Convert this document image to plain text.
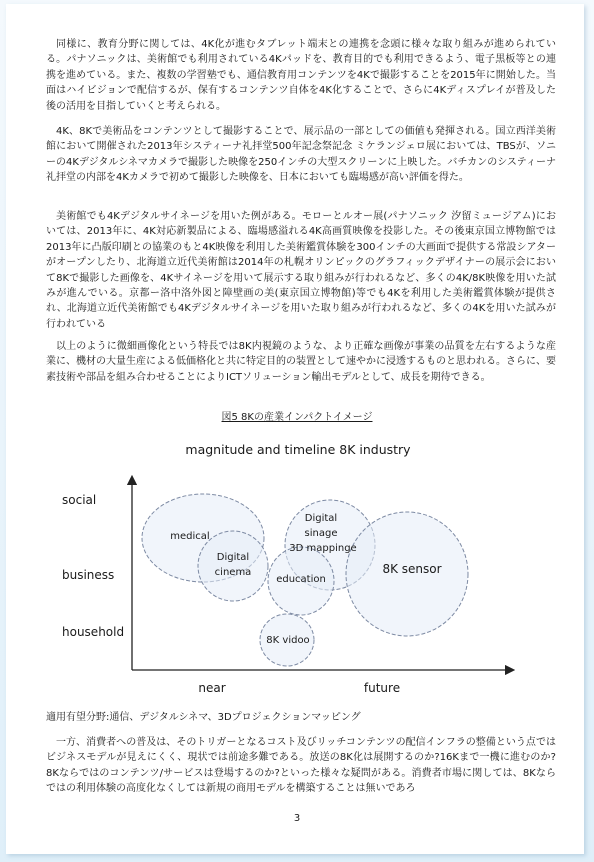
同様に、教育分野に関しては、4K化が進むタブレット端末との連携を念頭に様々な取り組みが進められている。パナソニックは、美術館でも利用されている4Kパッドを、教育目的でも利用できるよう、電子黒板等との連携を進めている。また、複数の学習塾でも、通信教育用コンテンツを4Kで撮影することを2015年に開始した。当面はハイビジョンで配信するが、保有するコンテンツ自体を4K化することで、さらに4Kディスプレイが普及した後の活用を目指していくと考えられる。

4K、8Kで美術品をコンテンツとして撮影することで、展示品の一部としての価値も発揮される。国立西洋美術館において開催された2013年システィーナ礼拝堂500年記念祭記念 ミケランジェロ展においては、TBSが、ソニーの4Kデジタルシネマカメラで撮影した映像を250インチの大型スクリーンに上映した。バチカンのシスティーナ礼拝堂の内部を4Kカメラで初めて撮影した映像を、日本においても臨場感が高い評価を得た。

美術館でも4Kデジタルサイネージを用いた例がある。モローとルオー展(パナソニック 汐留ミュージアム)においては、2013年に、4K対応新製品による、臨場感溢れる4K高画質映像を投影した。その後東京国立博物館では2013年に凸版印刷との協業のもと4K映像を利用した美術鑑賞体験を300インチの大画面で提供する常設シアターがオープンしたり、北海道立近代美術館は2014年の札幌オリンピックのグラフィックデザイナーの展示会において8Kで撮影した画像を、4Kサイネージを用いて展示する取り組みが行われるなど、多くの4K/8K映像を用いた試みが進んでいる。京都ー洛中洛外図と障壁画の美(東京国立博物館)等でも4Kを利用した美術鑑賞体験が提供され、北海道立近代美術館でも4Kデジタルサイネージを用いた取り組みが行われるなど、多くの4Kを用いた試みが行われている

以上のように微細画像化という特長では8K内視鏡のような、より正確な画像が事業の品質を左右するような産業に、機材の大量生産による低価格化と共に特定目的の装置として速やかに浸透するものと思われる。さらに、要素技術や部品を組み合わせることによりICTソリューション輸出モデルとして、成長を期待できる。

図5 8Kの産業インパクトイメージ
magnitude and timeline 8K industry
social
business
household
near	future
medical
Digital
cinema
Digital
sinage
3D mappinge
education
8K sensor
8K vidoo

適用有望分野:通信、デジタルシネマ、3Dプロジェクションマッピング

一方、消費者への普及は、そのトリガーとなるコスト及びリッチコンテンツの配信インフラの整備という点ではビジネスモデルが見えにくく、現状では前途多難である。放送の8K化は展開するのか?16Kまで一機に進むのか?8Kならではのコンテンツ/サービスは登場するのか?といった様々な疑問がある。消費者市場に関しては、8Kならではの利用体験の高度化なくしては新規の商用モデルを構築することは無いであろ

3
